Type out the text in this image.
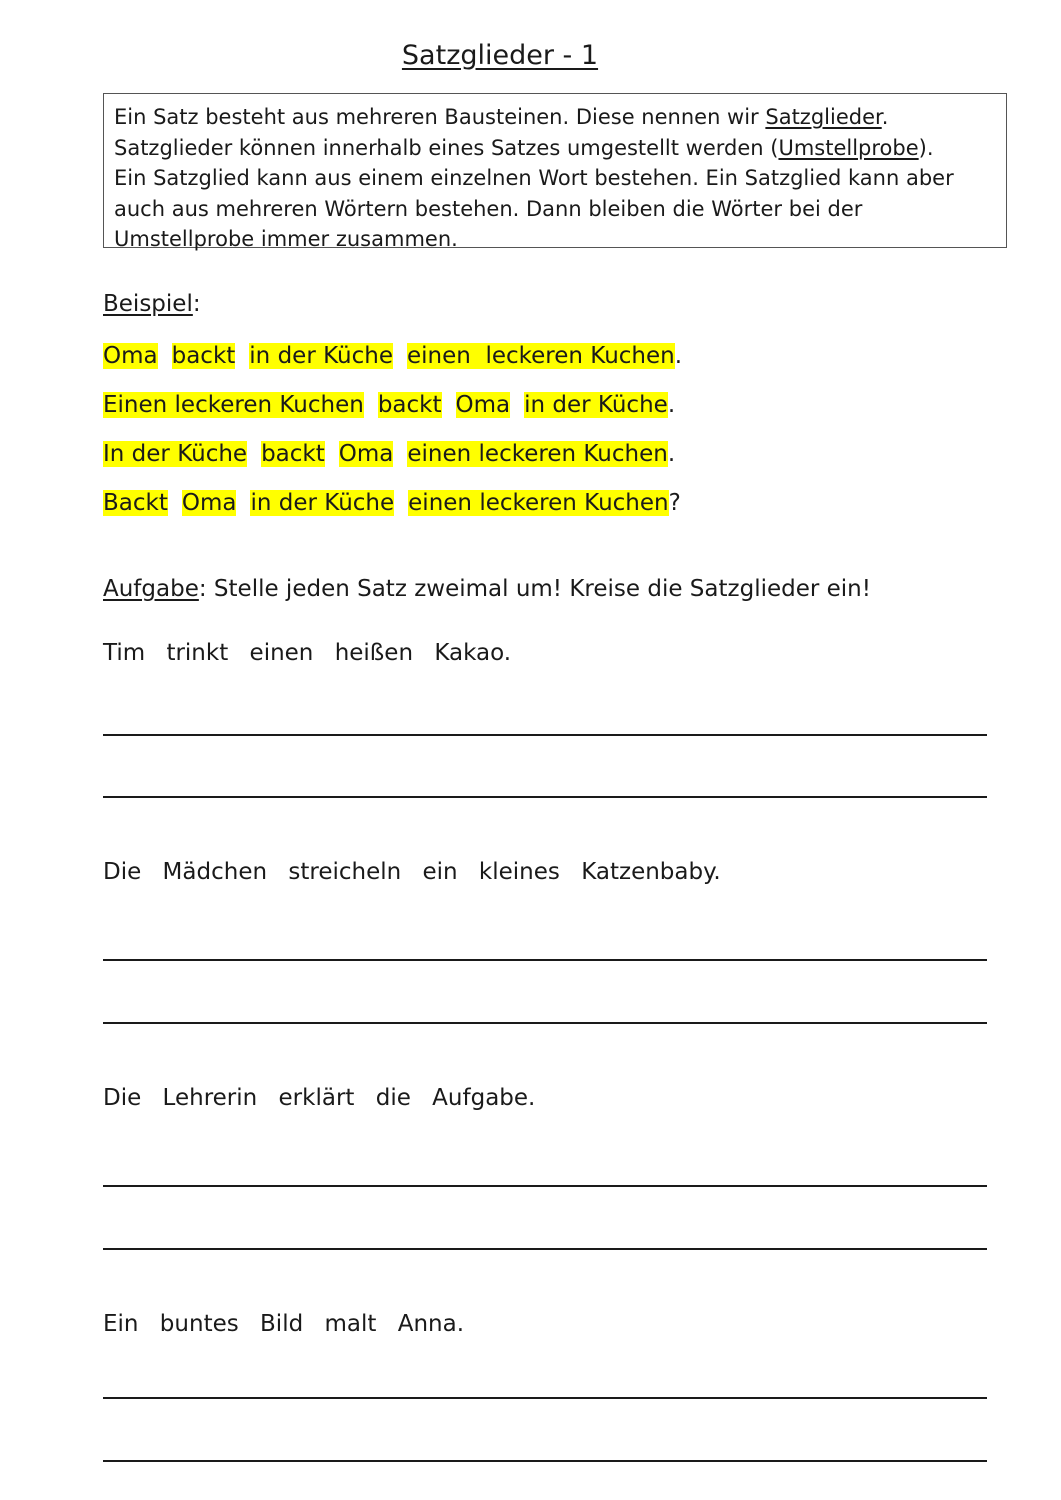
Satzglieder - 1
Ein Satz besteht aus mehreren Bausteinen. Diese nennen wir Satzglieder.
Satzglieder können innerhalb eines Satzes umgestellt werden (Umstellprobe).
Ein Satzglied kann aus einem einzelnen Wort bestehen. Ein Satzglied kann aber
auch aus mehreren Wörtern bestehen. Dann bleiben die Wörter bei der
Umstellprobe immer zusammen.
Beispiel:
Oma backt in der Küche einen  leckeren Kuchen.
Einen leckeren Kuchen backt Oma in der Küche.
In der Küche backt Oma einen leckeren Kuchen.
Backt Oma in der Küche einen leckeren Kuchen?
Aufgabe: Stelle jeden Satz zweimal um! Kreise die Satzglieder ein!
Tim trinkt einen heißen Kakao.
Die Mädchen streicheln ein kleines Katzenbaby.
Die Lehrerin erklärt die Aufgabe.
Ein buntes Bild malt Anna.
